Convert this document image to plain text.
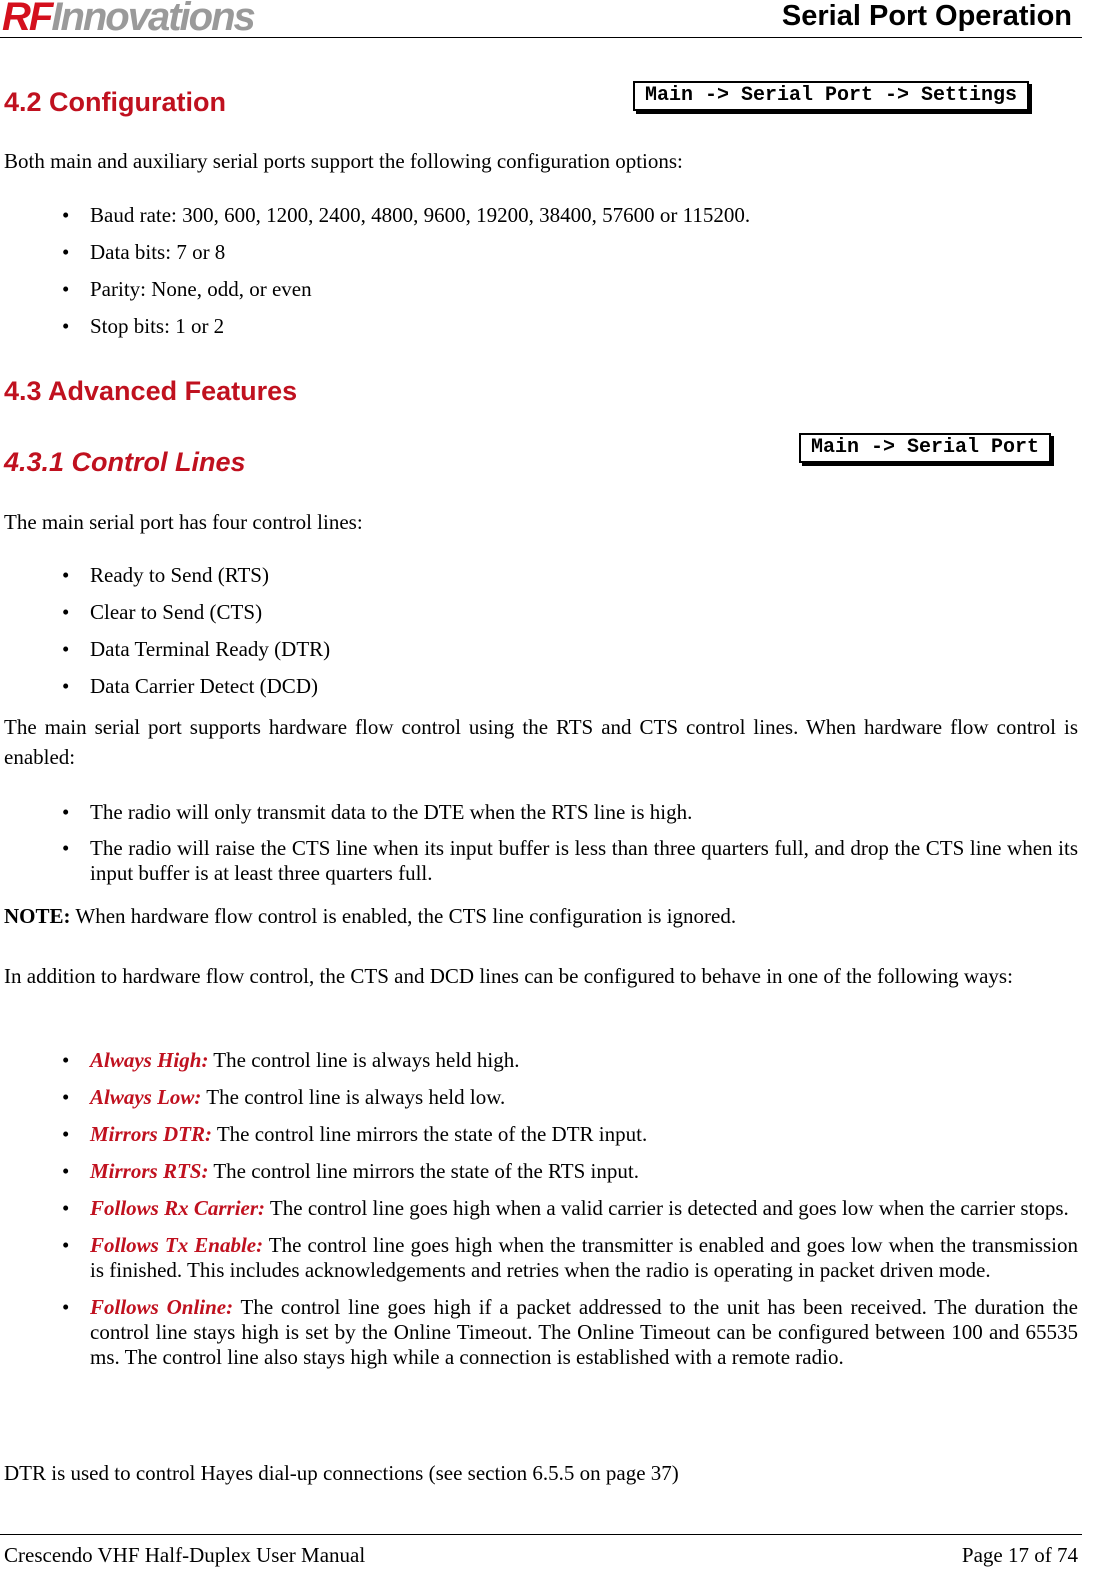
RFInnovations	Serial Port Operation
4.2 Configuration	Main -> Serial Port -> Settings

Both main and auxiliary serial ports support the following configuration options:

• Baud rate: 300, 600, 1200, 2400, 4800, 9600, 19200, 38400, 57600 or 115200.
• Data bits: 7 or 8
• Parity: None, odd, or even
• Stop bits: 1 or 2
4.3 Advanced Features
4.3.1 Control Lines	Main -> Serial Port

The main serial port has four control lines:

• Ready to Send (RTS)
• Clear to Send (CTS)
• Data Terminal Ready (DTR)
• Data Carrier Detect (DCD)

The main serial port supports hardware flow control using the RTS and CTS control lines. When hardware flow control is enabled:

• The radio will only transmit data to the DTE when the RTS line is high.
• The radio will raise the CTS line when its input buffer is less than three quarters full, and drop the CTS line when its input buffer is at least three quarters full.

NOTE: When hardware flow control is enabled, the CTS line configuration is ignored.

In addition to hardware flow control, the CTS and DCD lines can be configured to behave in one of the following ways:

• Always High: The control line is always held high.
• Always Low: The control line is always held low.
• Mirrors DTR: The control line mirrors the state of the DTR input.
• Mirrors RTS: The control line mirrors the state of the RTS input.
• Follows Rx Carrier: The control line goes high when a valid carrier is detected and goes low when the carrier stops.
• Follows Tx Enable: The control line goes high when the transmitter is enabled and goes low when the transmission is finished. This includes acknowledgements and retries when the radio is operating in packet driven mode.
• Follows Online: The control line goes high if a packet addressed to the unit has been received. The duration the control line stays high is set by the Online Timeout. The Online Timeout can be configured between 100 and 65535 ms. The control line also stays high while a connection is established with a remote radio.

DTR is used to control Hayes dial-up connections (see section 6.5.5 on page 37)

Crescendo VHF Half-Duplex User Manual	Page 17 of 74
